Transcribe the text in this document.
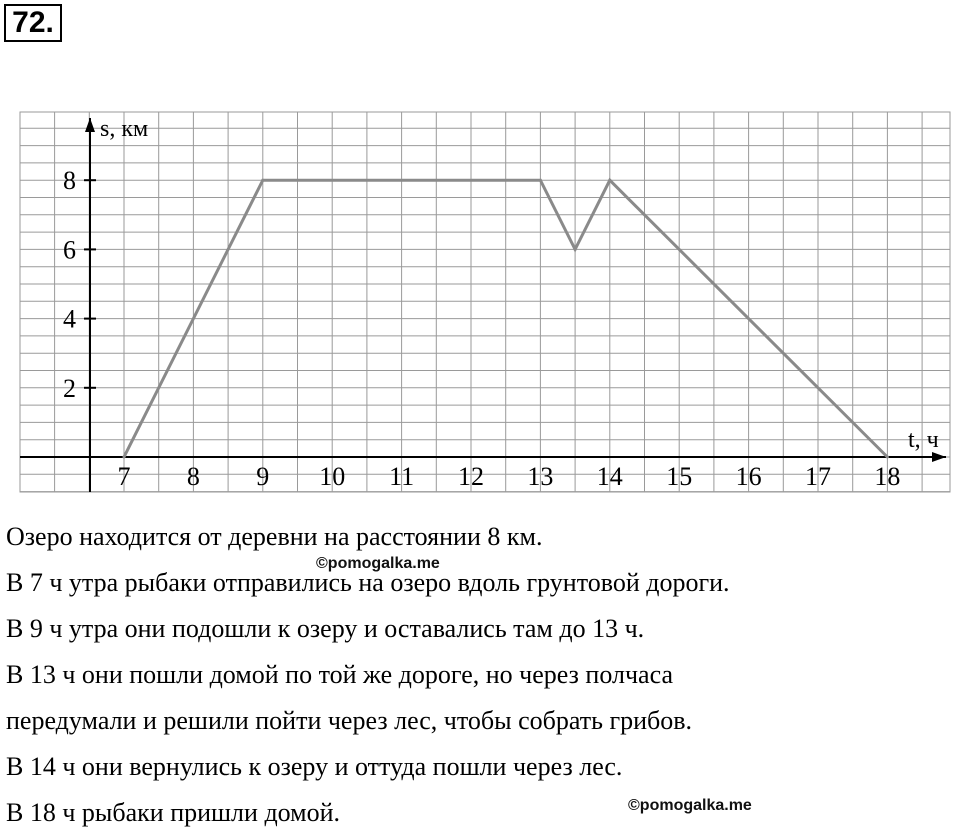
72.
2
4
6
8
7 8 9 10 11 12 13 14 15 16 17 18
s, км
t, ч
Озеро находится от деревни на расстоянии 8 км.
В 7 ч утра рыбаки отправились на озеро вдоль грунтовой дороги.
В 9 ч утра они подошли к озеру и оставались там до 13 ч.
В 13 ч они пошли домой по той же дороге, но через полчаса
передумали и решили пойти через лес, чтобы собрать грибов.
В 14 ч они вернулись к озеру и оттуда пошли через лес.
В 18 ч рыбаки пришли домой.
©pomogalka.me
©pomogalka.me
